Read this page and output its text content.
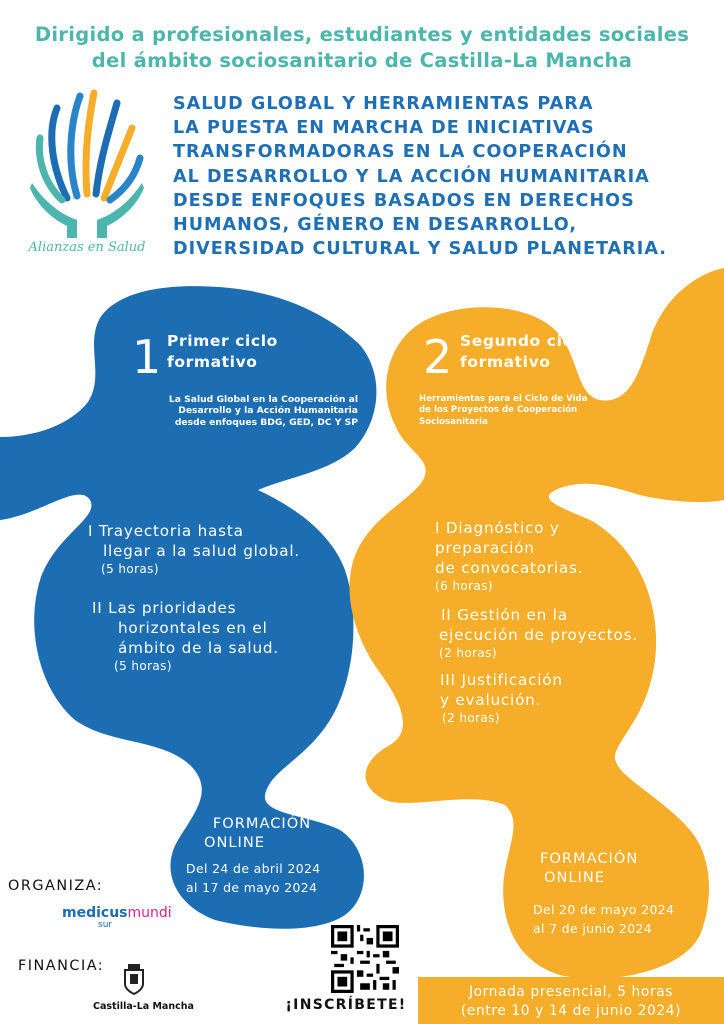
Dirigido a profesionales, estudiantes y entidades sociales
del ámbito sociosanitario de Castilla-La Mancha
Alianzas en Salud
SALUD GLOBAL Y HERRAMIENTAS PARA
LA PUESTA EN MARCHA DE INICIATIVAS
TRANSFORMADORAS EN LA COOPERACIÓN
AL DESARROLLO Y LA ACCIÓN HUMANITARIA
DESDE ENFOQUES BASADOS EN DERECHOS
HUMANOS, GÉNERO EN DESARROLLO,
DIVERSIDAD CULTURAL Y SALUD PLANETARIA.
1 Primer ciclo
formativo
La Salud Global en la Cooperación al
Desarrollo y la Acción Humanitaria
desde enfoques BDG, GED, DC Y SP
I Trayectoria hasta
llegar a la salud global.
(5 horas)
II Las prioridades
horizontales en el
ámbito de la salud.
(5 horas)
FORMACIÓN
ONLINE
Del 24 de abril 2024
al 17 de mayo 2024
2 Segundo ciclo
formativo
Herramientas para el Ciclo de Vida
de los Proyectos de Cooperación
Sociosanitaria
I Diagnóstico y
preparación
de convocatorias.
(6 horas)
II Gestión en la
ejecución de proyectos.
(2 horas)
III Justificación
y evalución.
(2 horas)
FORMACIÓN
ONLINE
Del 20 de mayo 2024
al 7 de junio 2024
ORGANIZA:
medicusmundi
sur
FINANCIA:
Castilla-La Mancha	¡INSCRÍBETE!
Jornada presencial, 5 horas
(entre 10 y 14 de junio 2024)
